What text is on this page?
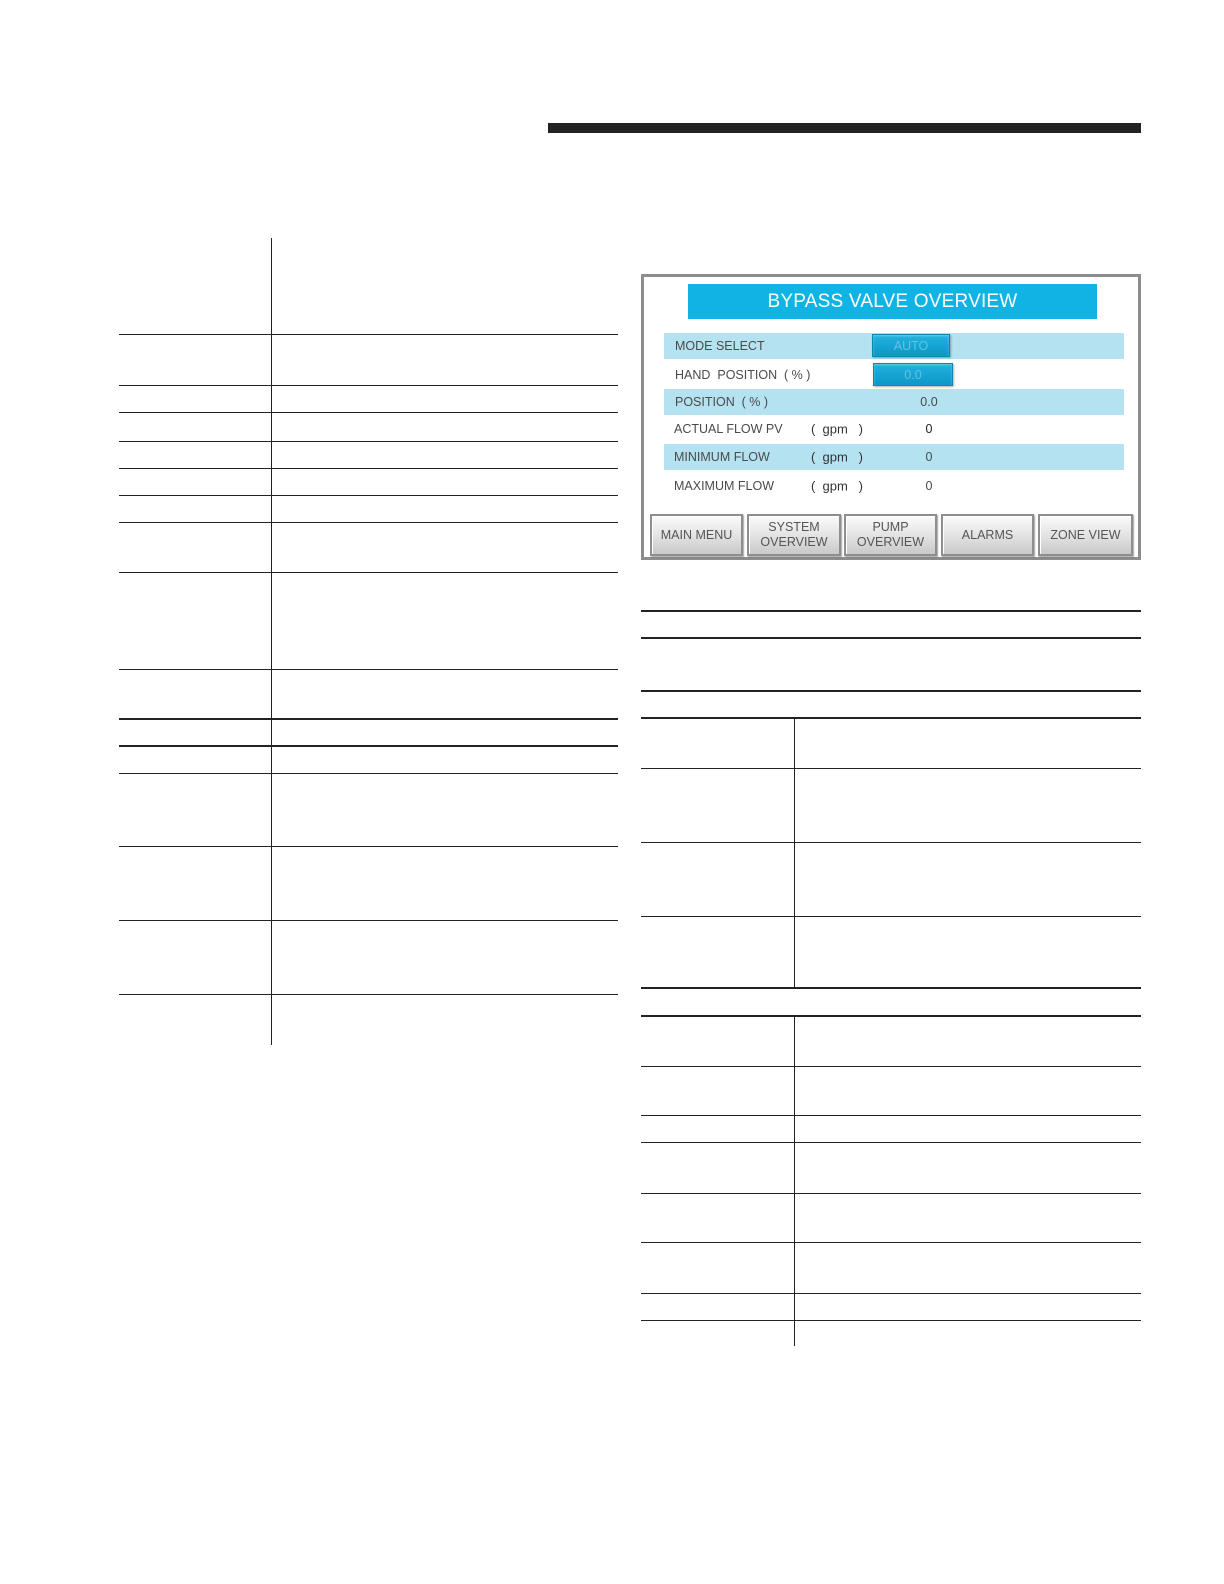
BYPASS VALVE OVERVIEW
MODE SELECT	AUTO
HAND  POSITION  ( % )	0.0
POSITION  ( % )	0.0
ACTUAL FLOW PV (  gpm   )	0
MINIMUM FLOW	(  gpm   )	0
MAXIMUM FLOW	(  gpm   )	0
MAIN MENU
SYSTEM OVERVIEW
PUMP OVERVIEW
ALARMS	ZONE VIEW
